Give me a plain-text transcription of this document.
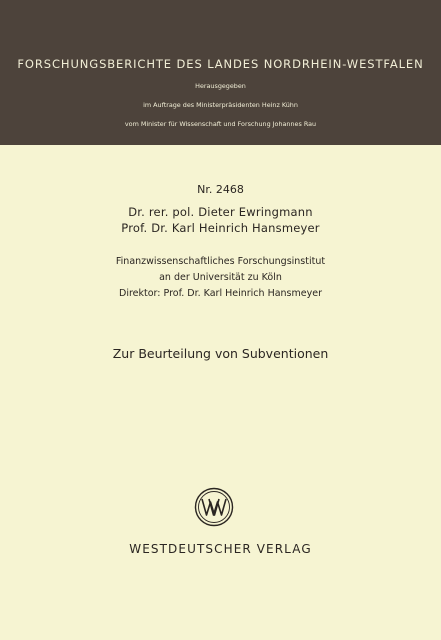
FORSCHUNGSBERICHTE DES LANDES NORDRHEIN-WESTFALEN
Herausgegeben
im Auftrage des Ministerpräsidenten Heinz Kühn
vom Minister für Wissenschaft und Forschung Johannes Rau
Nr. 2468
Dr. rer. pol. Dieter Ewringmann
Prof. Dr. Karl Heinrich Hansmeyer
Finanzwissenschaftliches Forschungsinstitut
an der Universität zu Köln
Direktor: Prof. Dr. Karl Heinrich Hansmeyer
Zur Beurteilung von Subventionen
WESTDEUTSCHER VERLAG
